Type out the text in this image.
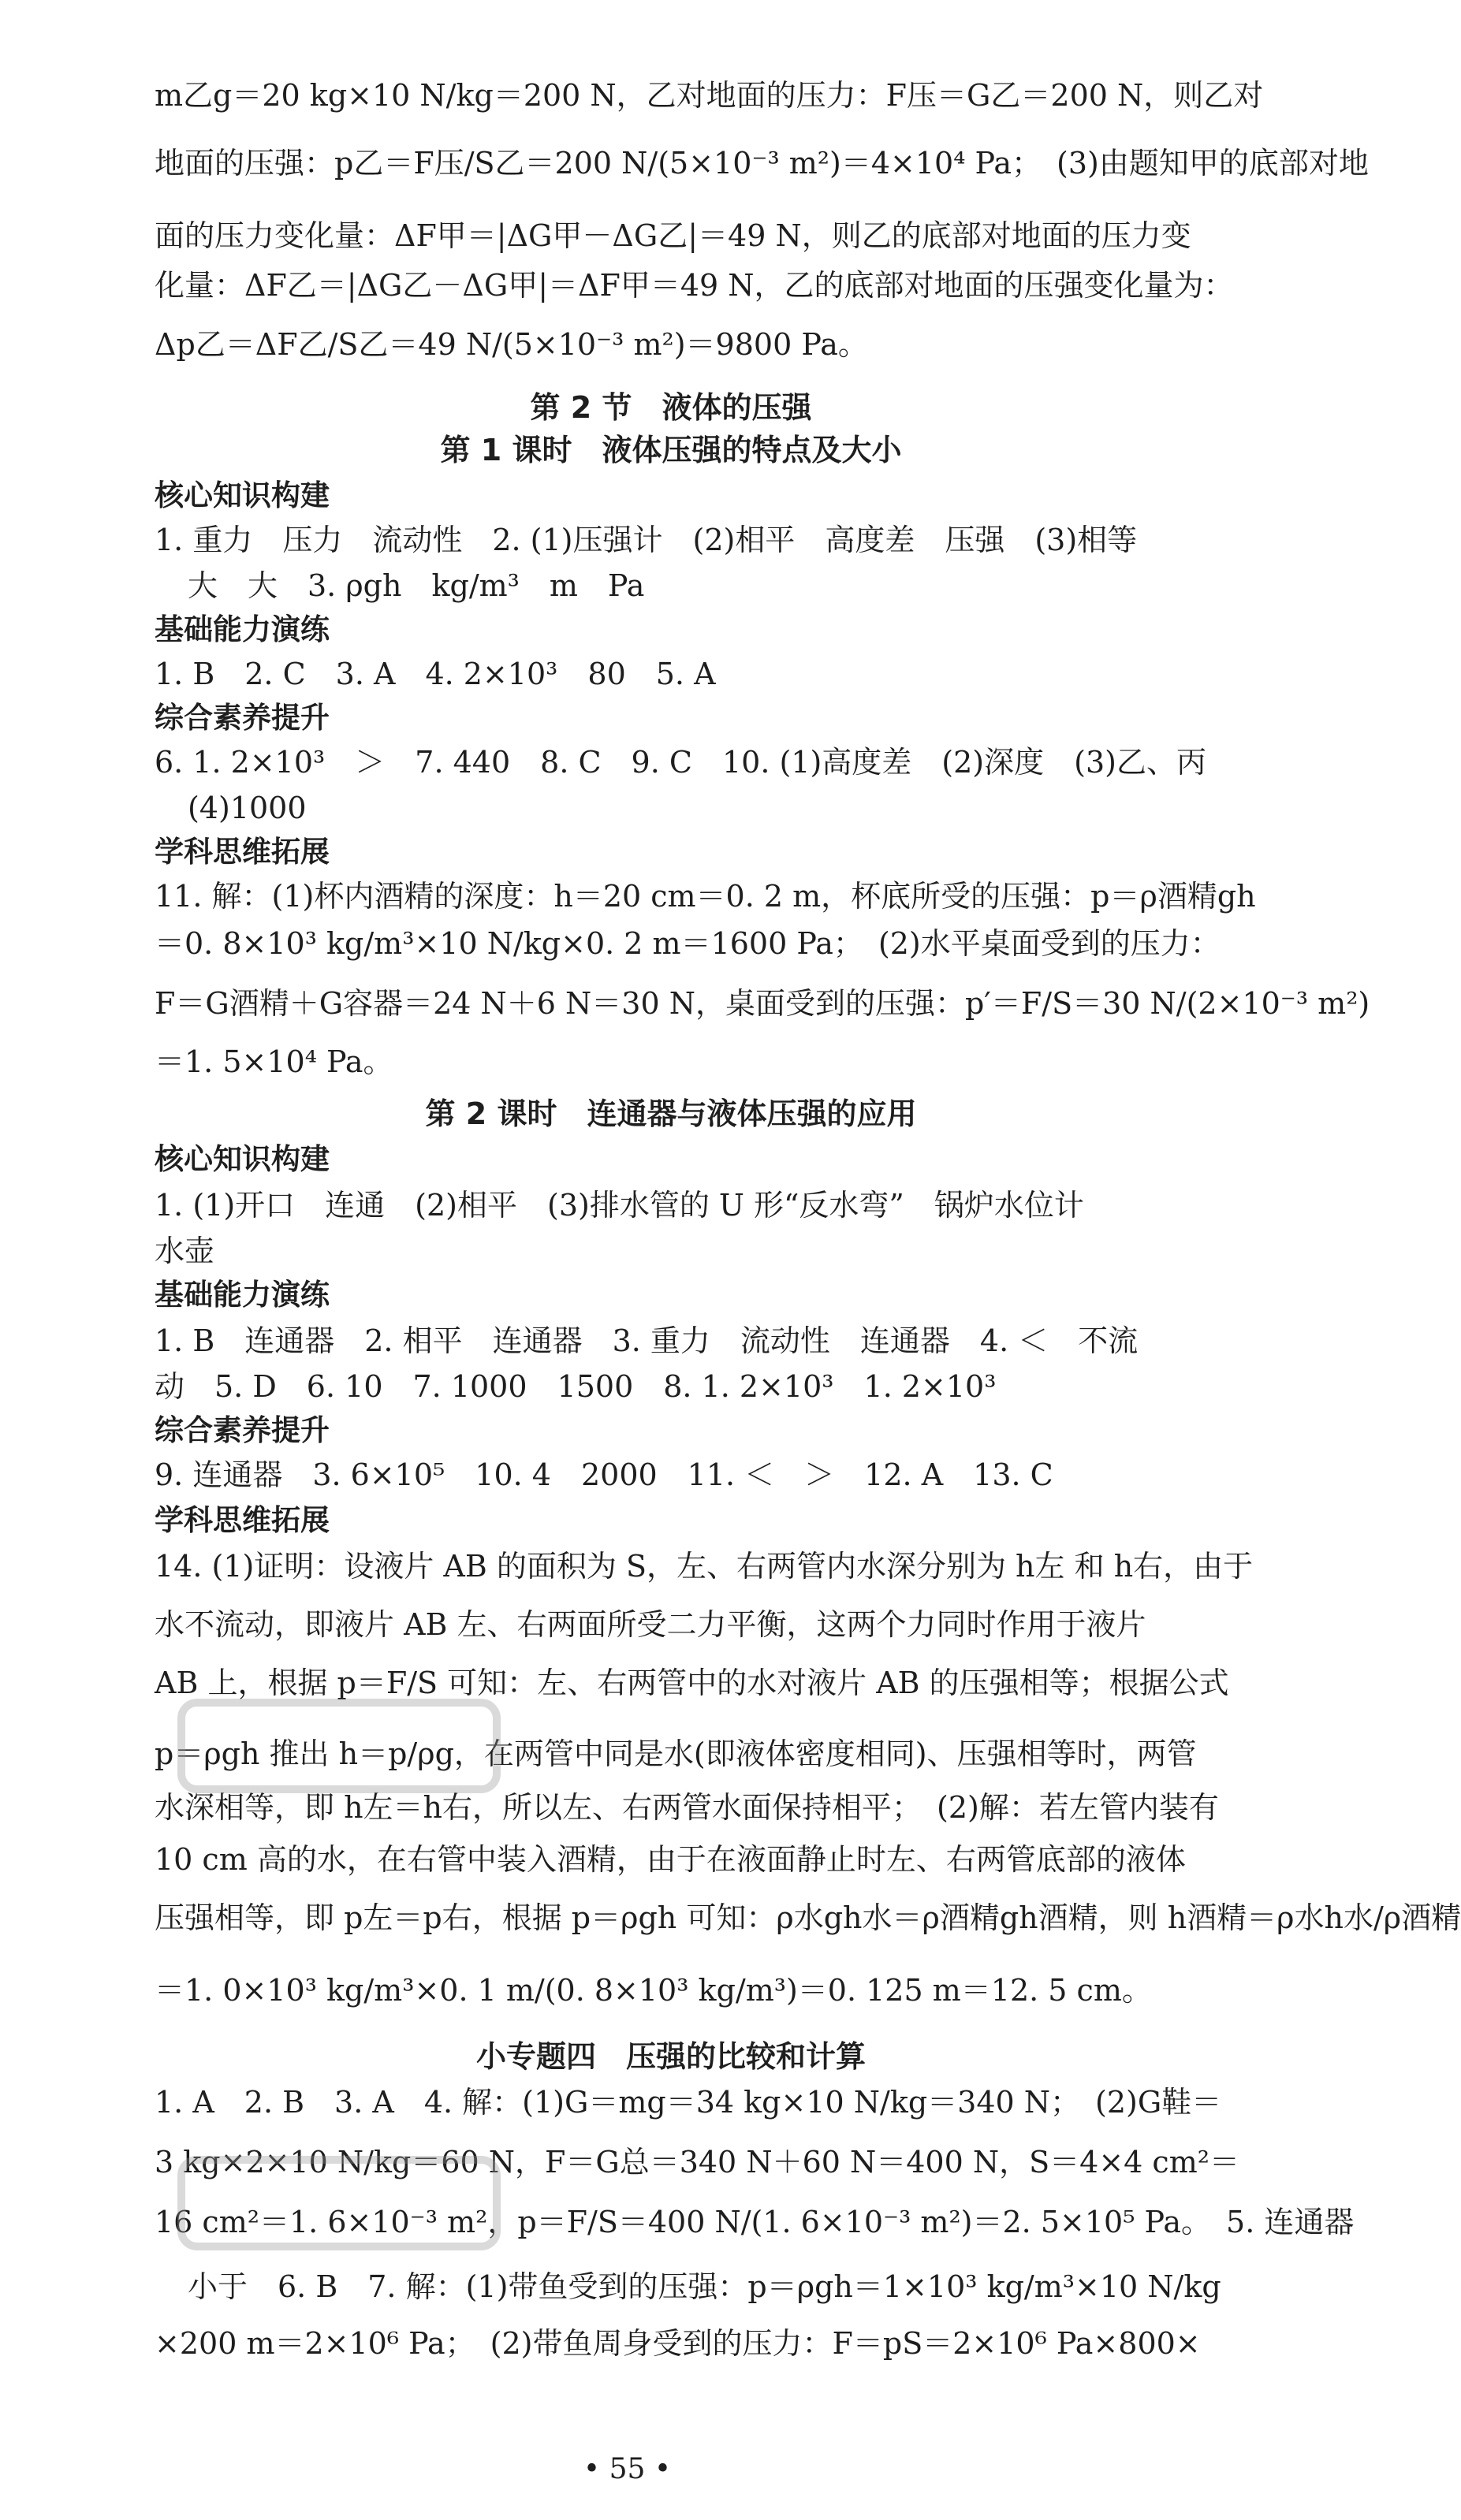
m乙g＝20 kg×10 N/kg＝200 N，乙对地面的压力：F压＝G乙＝200 N，则乙对
地面的压强：p乙＝F压/S乙＝200 N/(5×10⁻³ m²)＝4×10⁴ Pa；　(3)由题知甲的底部对地
面的压力变化量：ΔF甲＝|ΔG甲－ΔG乙|＝49 N，则乙的底部对地面的压力变
化量：ΔF乙＝|ΔG乙－ΔG甲|＝ΔF甲＝49 N，乙的底部对地面的压强变化量为：
Δp乙＝ΔF乙/S乙＝49 N/(5×10⁻³ m²)＝9800 Pa。
第 2 节　液体的压强
第 1 课时　液体压强的特点及大小
核心知识构建
1. 重力　压力　流动性　2. (1)压强计　(2)相平　高度差　压强　(3)相等
大　大　3. ρgh　kg/m³　m　Pa
基础能力演练
1. B　2. C　3. A　4. 2×10³　80　5. A
综合素养提升
6. 1. 2×10³　＞　7. 440　8. C　9. C　10. (1)高度差　(2)深度　(3)乙、丙
(4)1000
学科思维拓展
11. 解：(1)杯内酒精的深度：h＝20 cm＝0. 2 m，杯底所受的压强：p＝ρ酒精gh
＝0. 8×10³ kg/m³×10 N/kg×0. 2 m＝1600 Pa；　(2)水平桌面受到的压力：
F＝G酒精＋G容器＝24 N＋6 N＝30 N，桌面受到的压强：p′＝F/S＝30 N/(2×10⁻³ m²)
＝1. 5×10⁴ Pa。
第 2 课时　连通器与液体压强的应用
核心知识构建
1. (1)开口　连通　(2)相平　(3)排水管的 U 形“反水弯”　锅炉水位计
水壶
基础能力演练
1. B　连通器　2. 相平　连通器　3. 重力　流动性　连通器　4. ＜　不流
动　5. D　6. 10　7. 1000　1500　8. 1. 2×10³　1. 2×10³
综合素养提升
9. 连通器　3. 6×10⁵　10. 4　2000　11. ＜　＞　12. A　13. C
学科思维拓展
14. (1)证明：设液片 AB 的面积为 S，左、右两管内水深分别为 h左 和 h右，由于
水不流动，即液片 AB 左、右两面所受二力平衡，这两个力同时作用于液片
AB 上，根据 p＝F/S 可知：左、右两管中的水对液片 AB 的压强相等；根据公式
p＝ρgh 推出 h＝p/ρg，在两管中同是水(即液体密度相同)、压强相等时，两管
水深相等，即 h左＝h右，所以左、右两管水面保持相平；　(2)解：若左管内装有
10 cm 高的水，在右管中装入酒精，由于在液面静止时左、右两管底部的液体
压强相等，即 p左＝p右，根据 p＝ρgh 可知：ρ水gh水＝ρ酒精gh酒精，则 h酒精＝ρ水h水/ρ酒精
＝1. 0×10³ kg/m³×0. 1 m/(0. 8×10³ kg/m³)＝0. 125 m＝12. 5 cm。
小专题四　压强的比较和计算
1. A　2. B　3. A　4. 解：(1)G＝mg＝34 kg×10 N/kg＝340 N；　(2)G鞋＝
3 kg×2×10 N/kg＝60 N，F＝G总＝340 N＋60 N＝400 N，S＝4×4 cm²＝
16 cm²＝1. 6×10⁻³ m²，p＝F/S＝400 N/(1. 6×10⁻³ m²)＝2. 5×10⁵ Pa。　5. 连通器
小于　6. B　7. 解：(1)带鱼受到的压强：p＝ρgh＝1×10³ kg/m³×10 N/kg
×200 m＝2×10⁶ Pa；　(2)带鱼周身受到的压力：F＝pS＝2×10⁶ Pa×800×
• 55 •
